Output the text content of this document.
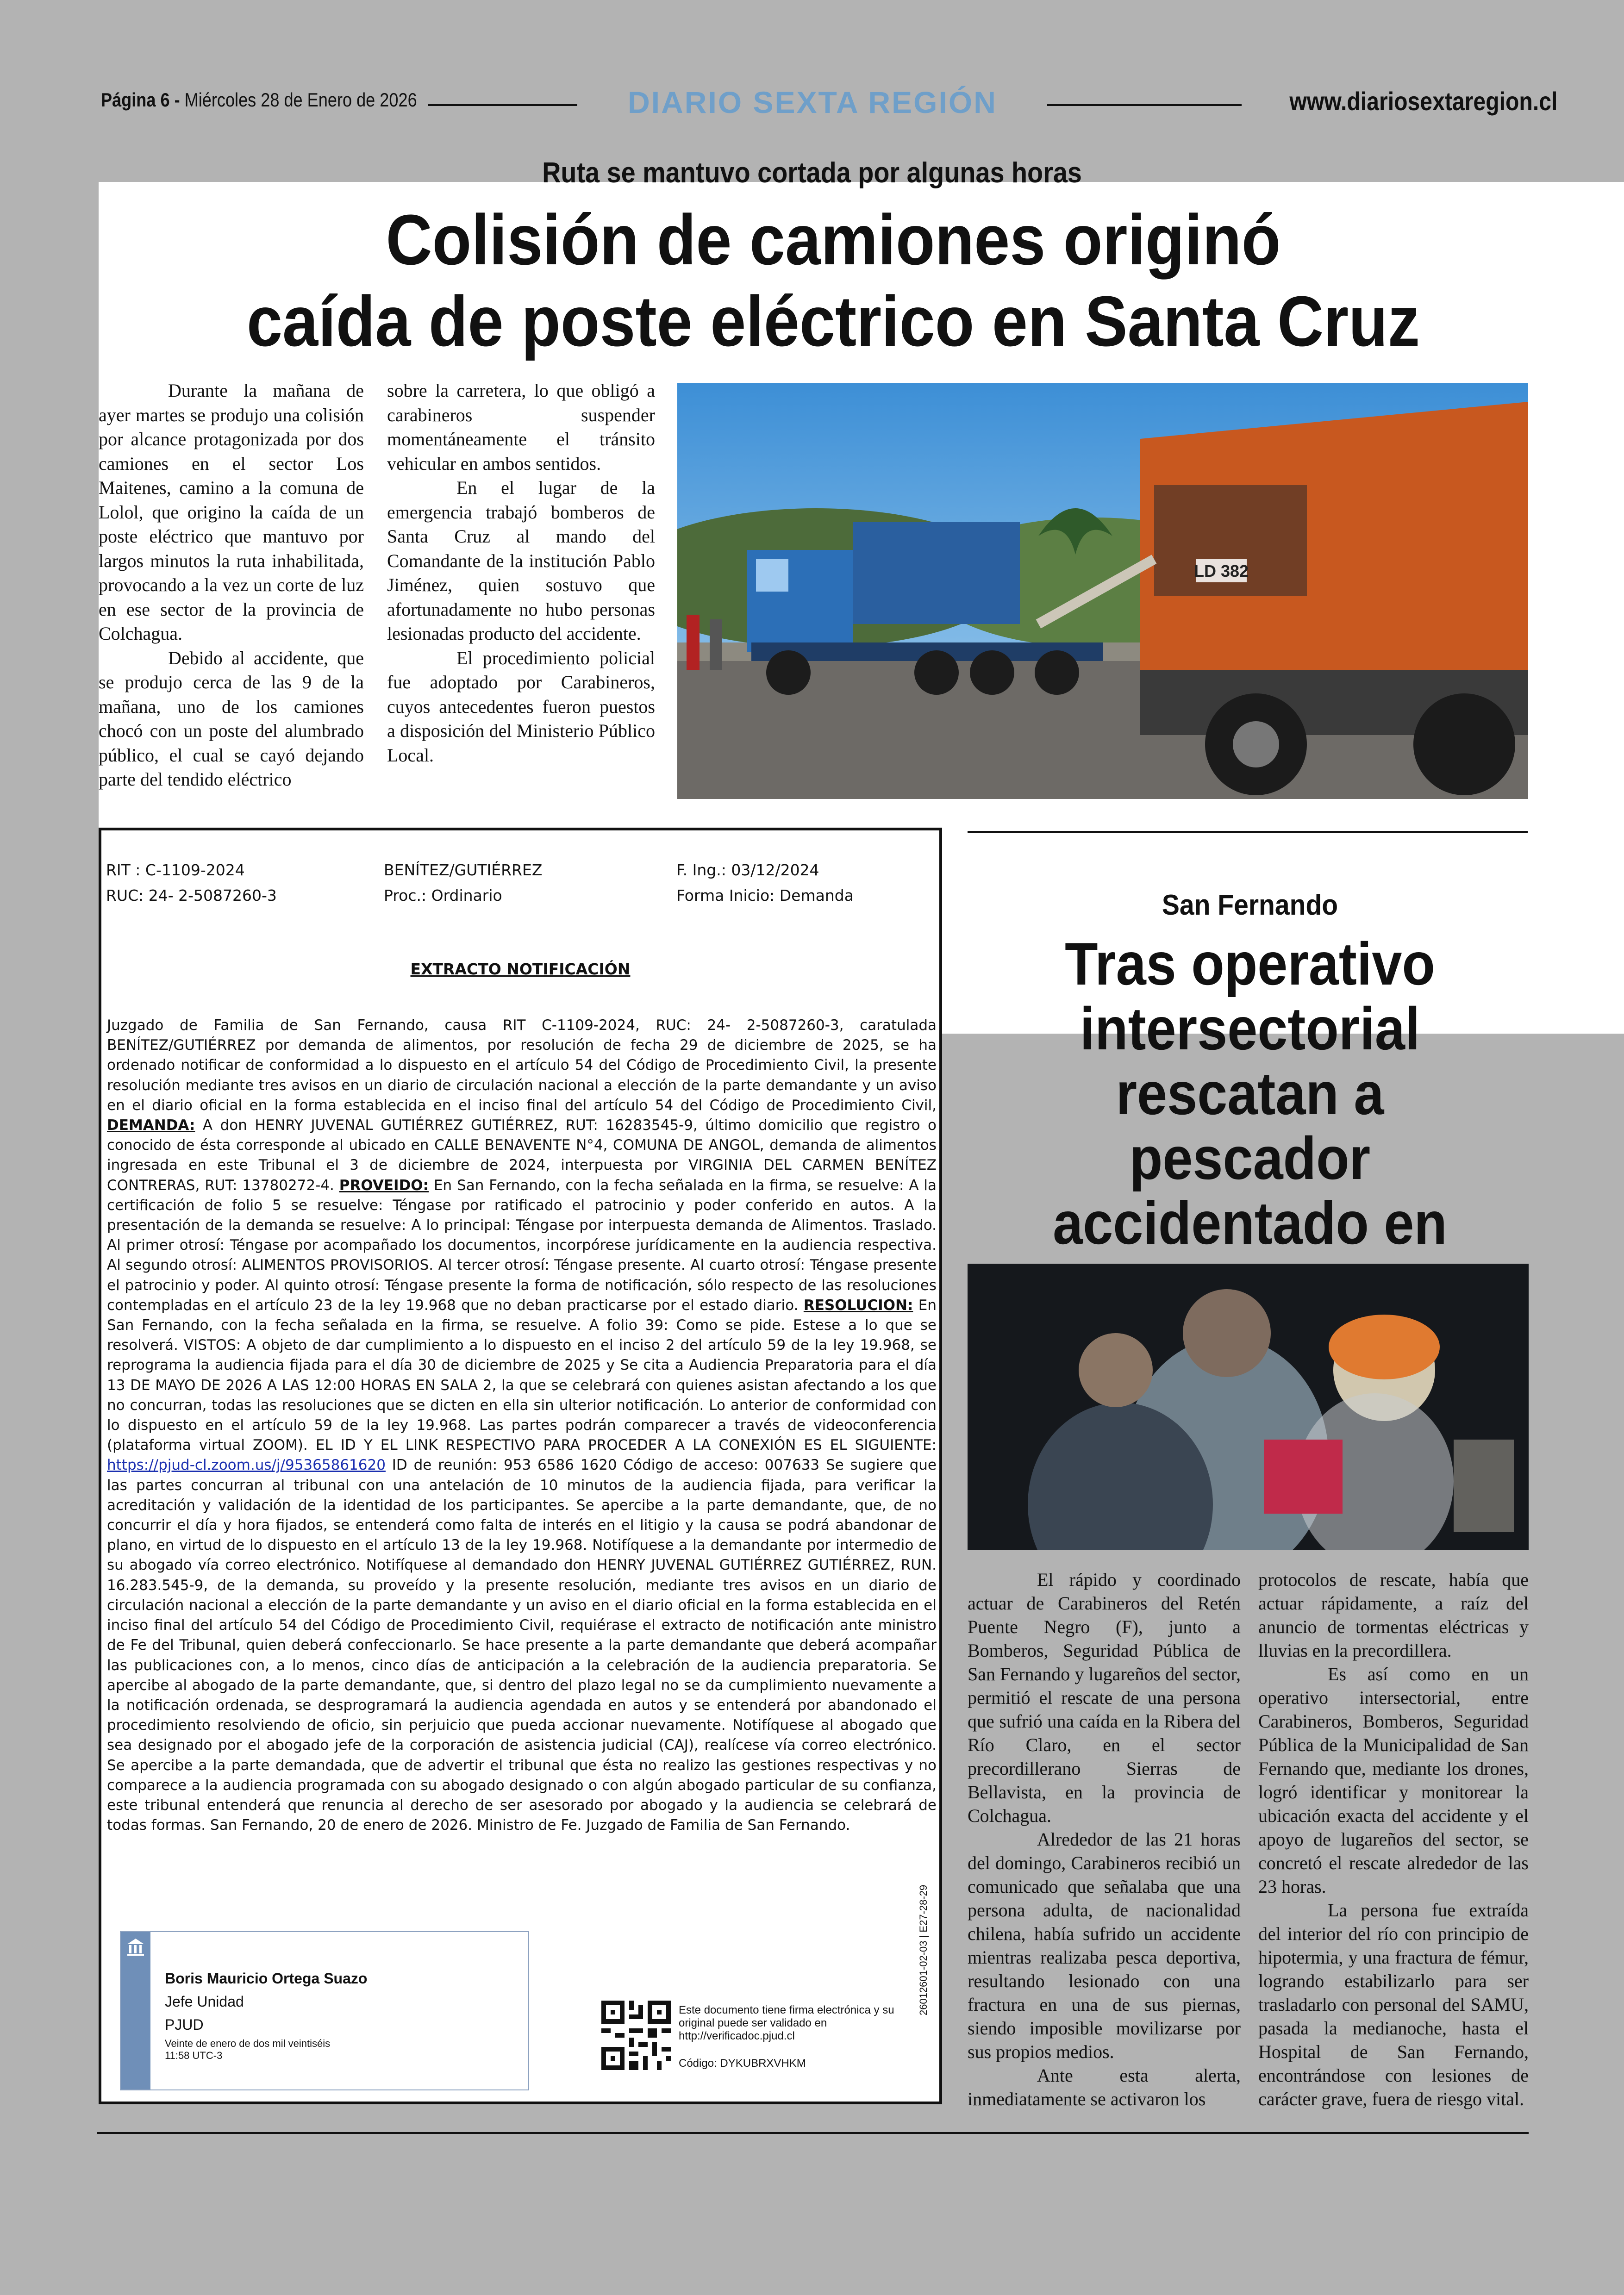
Página 6 - Miércoles 28 de Enero de 2026	DIARIO SEXTA REGIÓN	www.diariosextaregion.cl
Ruta se mantuvo cortada por algunas horas
Colisión de camiones originó
caída de poste eléctrico en Santa Cruz

Durante la mañana de ayer martes se produjo una colisión por alcance protagonizada por dos camiones en el sector Los Maitenes, camino a la comuna de Lolol, que origino la caída de un poste eléctrico que mantuvo por largos minutos la ruta inhabilitada, provocando a la vez un corte de luz en ese sector de la provincia de Colchagua.

Debido al accidente, que se produjo cerca de las 9 de la mañana, uno de los camiones chocó con un poste del alumbrado público, el cual se cayó dejando parte del tendido eléctrico

sobre la carretera, lo que obligó a carabineros suspender momentáneamente el tránsito vehicular en ambos sentidos.

En el lugar de la emergencia trabajó bomberos de Santa Cruz al mando del Comandante de la institución Pablo Jiménez, quien sostuvo que afortunadamente no hubo personas lesionadas producto del accidente.

El procedimiento policial fue adoptado por Carabineros, cuyos antecedentes fueron puestos a disposición del Ministerio Público Local.

LD 382
RIT : C-1109-2024	BENÍTEZ/GUTIÉRREZ	F. Ing.: 03/12/2024
RUC: 24- 2-5087260-3	Proc.: Ordinario	Forma Inicio: Demanda
EXTRACTO NOTIFICACIÓN
Juzgado de Familia de San Fernando, causa RIT C-1109-2024, RUC: 24- 2-5087260-3, caratulada BENÍTEZ/GUTIÉRREZ por demanda de alimentos, por resolución de fecha 29 de diciembre de 2025, se ha ordenado notificar de conformidad a lo dispuesto en el artículo 54 del Código de Procedimiento Civil, la presente resolución mediante tres avisos en un diario de circulación nacional a elección de la parte demandante y un aviso en el diario oficial en la forma establecida en el inciso final del artículo 54 del Código de Procedimiento Civil, DEMANDA: A don HENRY JUVENAL GUTIÉRREZ GUTIÉRREZ, RUT: 16283545-9, último domicilio que registro o conocido de ésta corresponde al ubicado en CALLE BENAVENTE N°4, COMUNA DE ANGOL, demanda de alimentos ingresada en este Tribunal el 3 de diciembre de 2024, interpuesta por VIRGINIA DEL CARMEN BENÍTEZ CONTRERAS, RUT: 13780272-4. PROVEIDO: En San Fernando, con la fecha señalada en la firma, se resuelve: A la certificación de folio 5 se resuelve: Téngase por ratificado el patrocinio y poder conferido en autos. A la presentación de la demanda se resuelve: A lo principal: Téngase por interpuesta demanda de Alimentos. Traslado. Al primer otrosí: Téngase por acompañado los documentos, incorpórese jurídicamente en la audiencia respectiva. Al segundo otrosí: ALIMENTOS PROVISORIOS. Al tercer otrosí: Téngase presente. Al cuarto otrosí: Téngase presente el patrocinio y poder. Al quinto otrosí: Téngase presente la forma de notificación, sólo respecto de las resoluciones contempladas en el artículo 23 de la ley 19.968 que no deban practicarse por el estado diario. RESOLUCION: En San Fernando, con la fecha señalada en la firma, se resuelve. A folio 39: Como se pide. Estese a lo que se resolverá. VISTOS: A objeto de dar cumplimiento a lo dispuesto en el inciso 2 del artículo 59 de la ley 19.968, se reprograma la audiencia fijada para el día 30 de diciembre de 2025 y Se cita a Audiencia Preparatoria para el día 13 DE MAYO DE 2026 A LAS 12:00 HORAS EN SALA 2, la que se celebrará con quienes asistan afectando a los que no concurran, todas las resoluciones que se dicten en ella sin ulterior notificación. Lo anterior de conformidad con lo dispuesto en el artículo 59 de la ley 19.968. Las partes podrán comparecer a través de videoconferencia (plataforma virtual ZOOM). EL ID Y EL LINK RESPECTIVO PARA PROCEDER A LA CONEXIÓN ES EL SIGUIENTE: https://pjud-cl.zoom.us/j/95365861620 ID de reunión: 953 6586 1620 Código de acceso: 007633 Se sugiere que las partes concurran al tribunal con una antelación de 10 minutos de la audiencia fijada, para verificar la acreditación y validación de la identidad de los participantes. Se apercibe a la parte demandante, que, de no concurrir el día y hora fijados, se entenderá como falta de interés en el litigio y la causa se podrá abandonar de plano, en virtud de lo dispuesto en el artículo 13 de la ley 19.968. Notifíquese a la demandante por intermedio de su abogado vía correo electrónico. Notifíquese al demandado don HENRY JUVENAL GUTIÉRREZ GUTIÉRREZ, RUN. 16.283.545-9, de la demanda, su proveído y la presente resolución, mediante tres avisos en un diario de circulación nacional a elección de la parte demandante y un aviso en el diario oficial en la forma establecida en el inciso final del artículo 54 del Código de Procedimiento Civil, requiérase el extracto de notificación ante ministro de Fe del Tribunal, quien deberá confeccionarlo. Se hace presente a la parte demandante que deberá acompañar las publicaciones con, a lo menos, cinco días de anticipación a la celebración de la audiencia preparatoria. Se apercibe al abogado de la parte demandante, que, si dentro del plazo legal no se da cumplimiento nuevamente a la notificación ordenada, se desprogramará la audiencia agendada en autos y se entenderá por abandonado el procedimiento resolviendo de oficio, sin perjuicio que pueda accionar nuevamente. Notifíquese al abogado que sea designado por el abogado jefe de la corporación de asistencia judicial (CAJ), realícese vía correo electrónico. Se apercibe a la parte demandada, que de advertir el tribunal que ésta no realizo las gestiones respectivas y no comparece a la audiencia programada con su abogado designado o con algún abogado particular de su confianza, este tribunal entenderá que renuncia al derecho de ser asesorado por abogado y la audiencia se celebrará de todas formas. San Fernando, 20 de enero de 2026. Ministro de Fe. Juzgado de Familia de San Fernando.
Boris Mauricio Ortega Suazo
Jefe Unidad
PJUD
Veinte de enero de dos mil veintiséis
11:58 UTC-3
Este documento tiene firma electrónica y su original puede ser validado en http://verificadoc.pjud.cl
Código: DYKUBRXVHKM
26012601-02-03 | E27-28-29
San Fernando
Tras operativo intersectorial rescatan a pescador accidentado en

El rápido y coordinado actuar de Carabineros del Retén Puente Negro (F), junto a Bomberos, Seguridad Pública de San Fernando y lugareños del sector, permitió el rescate de una persona que sufrió una caída en la Ribera del Río Claro, en el sector precordillerano Sierras de Bellavista, en la provincia de Colchagua.

Alrededor de las 21 horas del domingo, Carabineros recibió un comunicado que señalaba que una persona adulta, de nacionalidad chilena, había sufrido un accidente mientras realizaba pesca deportiva, resultando lesionado con una fractura en una de sus piernas, siendo imposible movilizarse por sus propios medios.

Ante esta alerta, inmediatamente se activaron los

protocolos de rescate, había que actuar rápidamente, a raíz del anuncio de tormentas eléctricas y lluvias en la precordillera.

Es así como en un operativo intersectorial, entre Carabineros, Bomberos, Seguridad Pública de la Municipalidad de San Fernando que, mediante los drones, logró identificar y monitorear la ubicación exacta del accidente y el apoyo de lugareños del sector, se concretó el rescate alrededor de las 23 horas.

La persona fue extraída del interior del río con principio de hipotermia, y una fractura de fémur, logrando estabilizarlo para ser trasladarlo con personal del SAMU, pasada la medianoche, hasta el Hospital de San Fernando, encontrándose con lesiones de carácter grave, fuera de riesgo vital.
